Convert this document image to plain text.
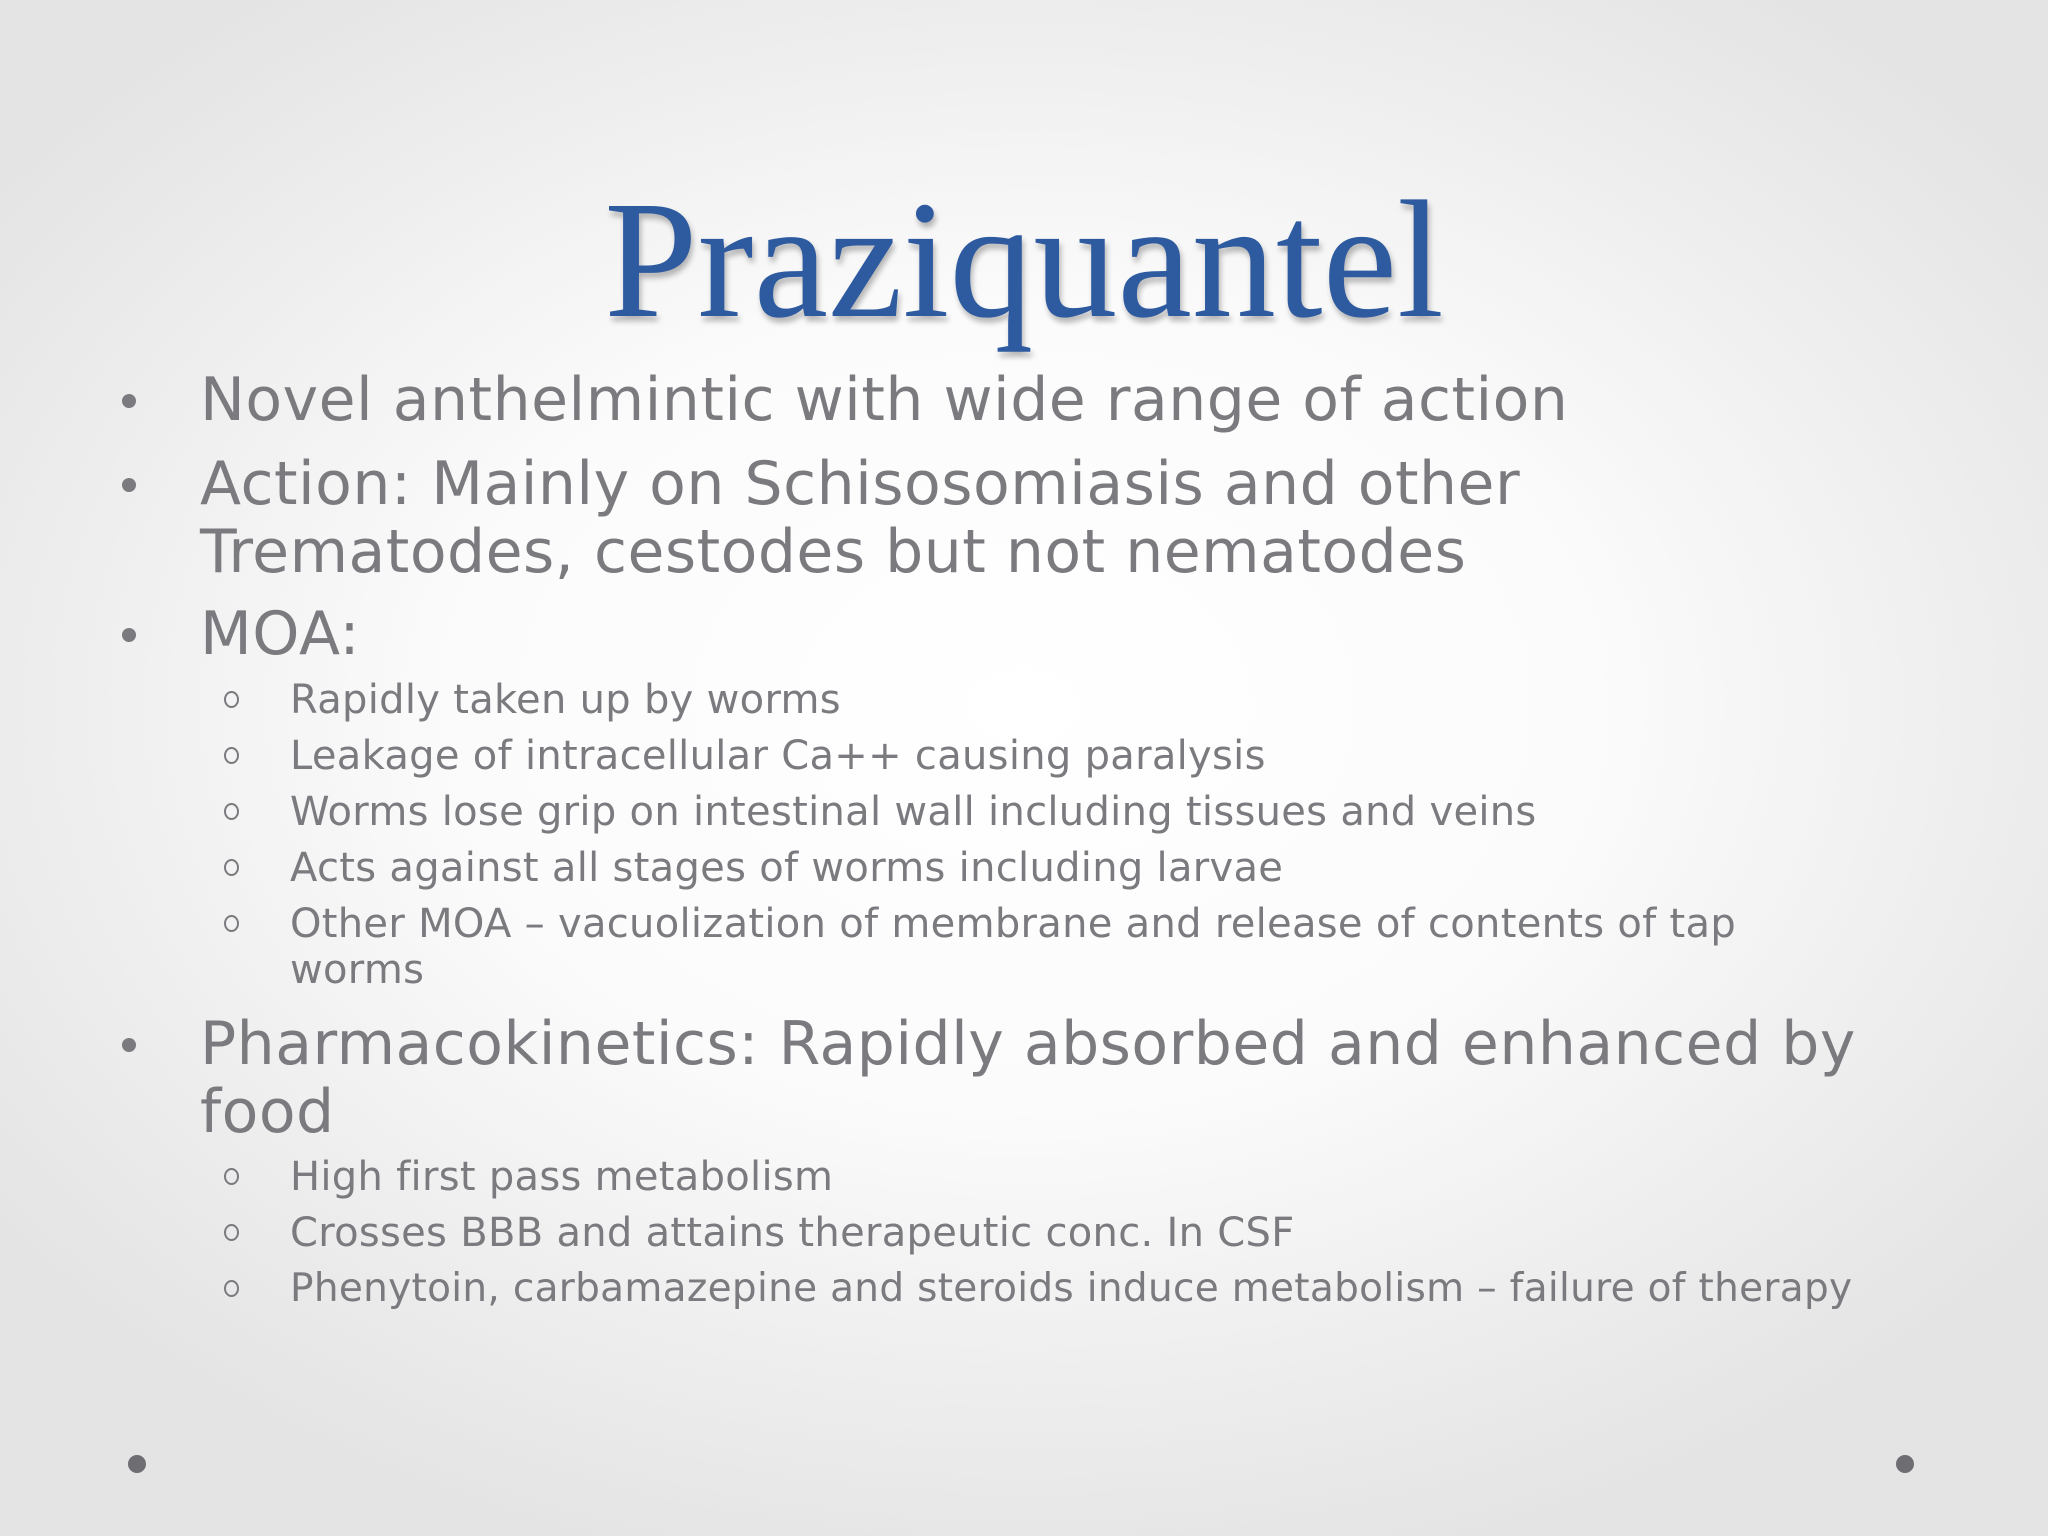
Praziquantel
Novel anthelmintic with wide range of action
Action: Mainly on Schisosomiasis and other Trematodes, cestodes but not nematodes
MOA:
Rapidly taken up by worms
Leakage of intracellular Ca++ causing paralysis
Worms lose grip on intestinal wall including tissues and veins
Acts against all stages of worms including larvae
Other MOA – vacuolization of membrane and release of contents of tap worms
Pharmacokinetics: Rapidly absorbed and enhanced by food
High first pass metabolism
Crosses BBB and attains therapeutic conc. In CSF
Phenytoin, carbamazepine and steroids induce metabolism – failure of therapy
